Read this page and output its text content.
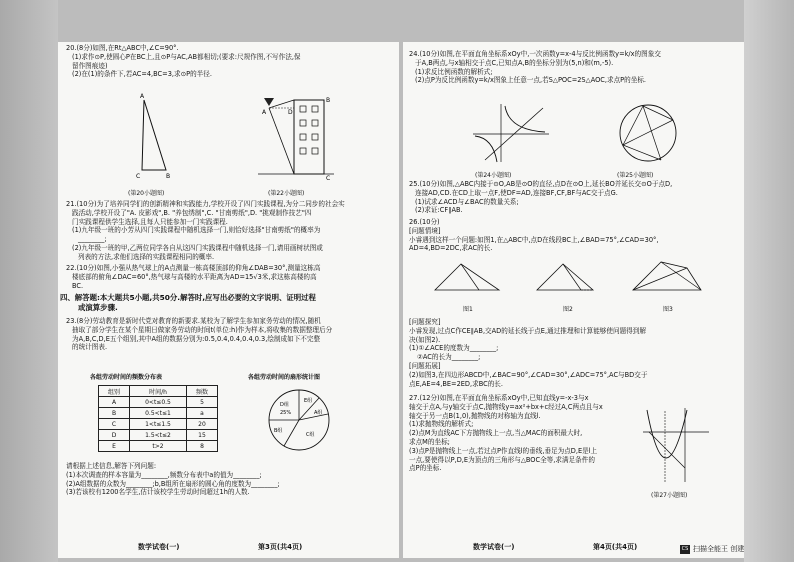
20.(8分)如图,在Rt△ABC中,∠C=90°.

(1)求作⊙P,使圆心P在BC上,且⊙P与AC,AB都相切;(要求:尺规作图,不写作法,保

留作图痕迹)

(2)在(1)的条件下,若AC=4,BC=3,求⊙P的半径.

A
C	B
(第20小题图)
A
B
C
D
(第22小题图)

21.(10分)为了培养同学们的创新精神和实践能力,学校开设了四门实践课程,为分二同步的社会实

践活动,学校开设了"A. 皮影戏",B. "养包绣制",C. "甘南剪纸",D. "挑观制作技艺"四

门实践课程供学生选择,且每人只能参加一门实践课程.

(1)九年级一班的小芳从四门实践课程中随机选择一门,则恰好选择"甘南剪纸"的概率为

________;

(2)九年级一班的甲,乙两位同学各自从这四门实践课程中随机选择一门,请用画树状图或

列表的方法,求他们选择的实践课程相同的概率.

22.(10分)如图,小强从热气球上的A点测量一栋高楼顶部的仰角∠DAB=30°,测量这栋高

楼底部的俯角∠DAC=60°,热气球与高楼的水平距离为AD=15√3米,求这栋高楼的高

BC.

四、解答题:本大题共5小题,共50分.解答时,应写出必要的文字说明、证明过程

或演算步骤.

23.(8分)劳动教育是新时代党对教育的新要求.某校为了解学生参加家务劳动的情况,随机

抽取了部分学生在某个星期日做家务劳动的时间t(单位:h)作为样本,将收集的数据整理后分

为A,B,C,D,E五个组别,其中A组的数据分别为:0.5,0.4,0.4,0.4,0.3,绘制成如下不完整

的统计图表.

各组劳动时间的频数分布表
组别	时间/h	频数
A	0<t≤0.5	5
B	0.5<t≤1	a
C	1<t≤1.5	20
D	1.5<t≤2	15
E	t>2	8
各组劳动时间的扇形统计图
E组
A组
D组
25%
C组
B组

请根据上述信息,解答下列问题:

(1)本次调查的样本容量为________,频数分布表中a的值为________;

(2)A组数据的众数为________;b,B组所在扇形的圆心角的度数为________;

(3)若该校有1200名学生,估计该校学生劳动时间超过1h的人数.

数学试卷(一)	第3页(共4页)

24.(10分)如图,在平面直角坐标系xOy中,一次函数y=x-4与反比例函数y=k/x的图象交

于A,B两点,与x轴相交于点C,已知点A,B的坐标分别为(5,n)和(m,-5).

(1)求反比例函数的解析式;

(2)点P为反比例函数y=k/x图象上任意一点,若S△POC=2S△AOC,求点P的坐标.

(第24小题图)	(第25小题图)

25.(10分)如图,△ABC内接于⊙O,AB是⊙O的直径,点D在⊙O上,延长BO并延长交⊙O于点D,

连接AD,CD.在CD上取一点F,使DF=AD,连接BF,CF,BF与AC交于点G.

(1)试求∠ACD与∠BAC的数量关系;

(2)求证:CF∥AB.

26.(10分)

[问题情境]

小睿遇到这样一个问题:如图1,在△ABC中,点D在线段BC上,∠BAD=75°,∠CAD=30°,

AD=4,BD=2DC,求AC的长.

图1	图2	图3

[问题探究]

小睿发现,过点C作CE∥AB,交AD的延长线于点E,通过推理和计算能够使问题得到解

决(如图2).

(1)①∠ACE的度数为________;

②AC的长为________;

[问题拓展]

(2)如图3,在四边形ABCD中,∠BAC=90°,∠CAD=30°,∠ADC=75°,AC与BD交于

点E,AE=4,BE=2ED,求BC的长.

27.(12分)如图,在平面直角坐标系xOy中,已知直线y=-x-3与x

轴交于点A,与y轴交于点C,抛物线y=ax²+bx+c经过A,C两点且与x

轴交于另一点B(1,0),抛物线的对称轴为直线l.

(1)求抛物线的解析式;

(2)点M为直线AC下方抛物线上一点,当△MAC的面积最大时,

求点M的坐标;

(3)点P是抛物线上一点,若过点P作直线l的垂线,垂足为点D,E是l上

一点,要使得以P,D,E为顶点的三角形与△BOC全等,求满足条件的

点P的坐标.

(第27小题图)
数学试卷(一)	第4页(共4页)	CS 扫描全能王 创建
